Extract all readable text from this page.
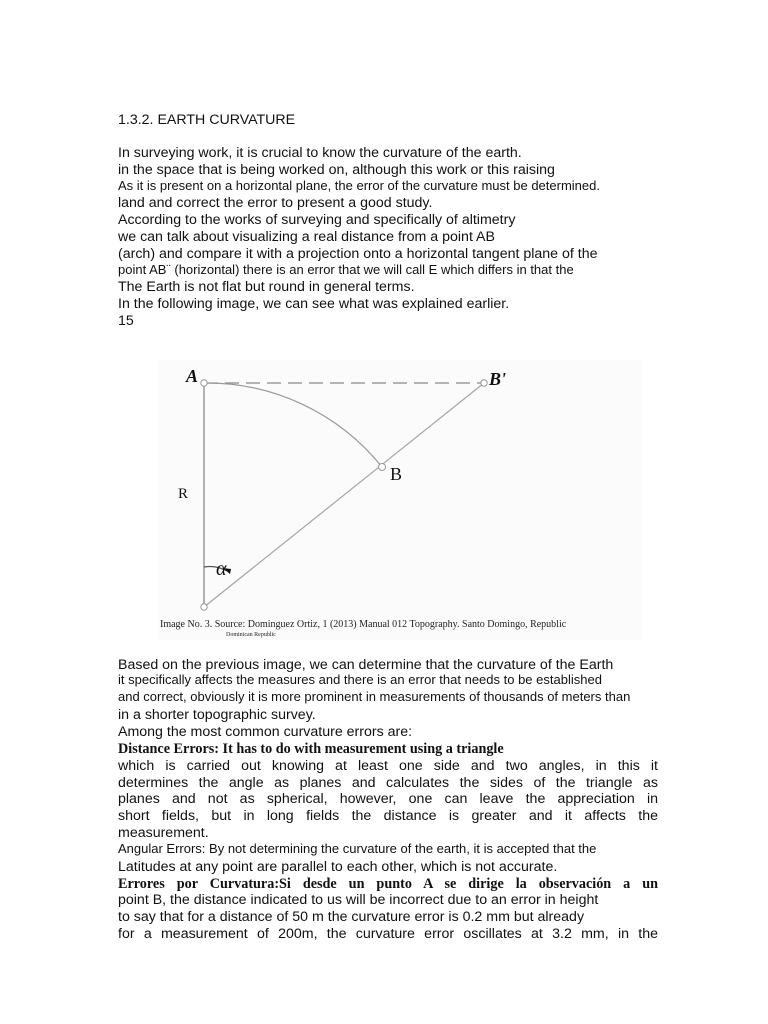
1.3.2. EARTH CURVATURE
In surveying work, it is crucial to know the curvature of the earth.
in the space that is being worked on, although this work or this raising
As it is present on a horizontal plane, the error of the curvature must be determined.
land and correct the error to present a good study.
According to the works of surveying and specifically of altimetry
we can talk about visualizing a real distance from a point AB
(arch) and compare it with a projection onto a horizontal tangent plane of the
point AB¨ (horizontal) there is an error that we will call E which differs in that the
The Earth is not flat but round in general terms.
In the following image, we can see what was explained earlier.
15
A	B'
B
R
α
Image No. 3. Source: Dominguez Ortiz, 1 (2013) Manual 012 Topography. Santo Domingo, Republic
Dominican Republic
Based on the previous image, we can determine that the curvature of the Earth
it specifically affects the measures and there is an error that needs to be established
and correct, obviously it is more prominent in measurements of thousands of meters than
in a shorter topographic survey.
Among the most common curvature errors are:
Distance Errors: It has to do with measurement using a triangle
which is carried out knowing at least one side and two angles, in this it
determines the angle as planes and calculates the sides of the triangle as
planes and not as spherical, however, one can leave the appreciation in
short fields, but in long fields the distance is greater and it affects the
measurement.
Angular Errors: By not determining the curvature of the earth, it is accepted that the
Latitudes at any point are parallel to each other, which is not accurate.
Errores por Curvatura:Si desde un punto A se dirige la observación a un
point B, the distance indicated to us will be incorrect due to an error in height
to say that for a distance of 50 m the curvature error is 0.2 mm but already
for a measurement of 200m, the curvature error oscillates at 3.2 mm, in the
